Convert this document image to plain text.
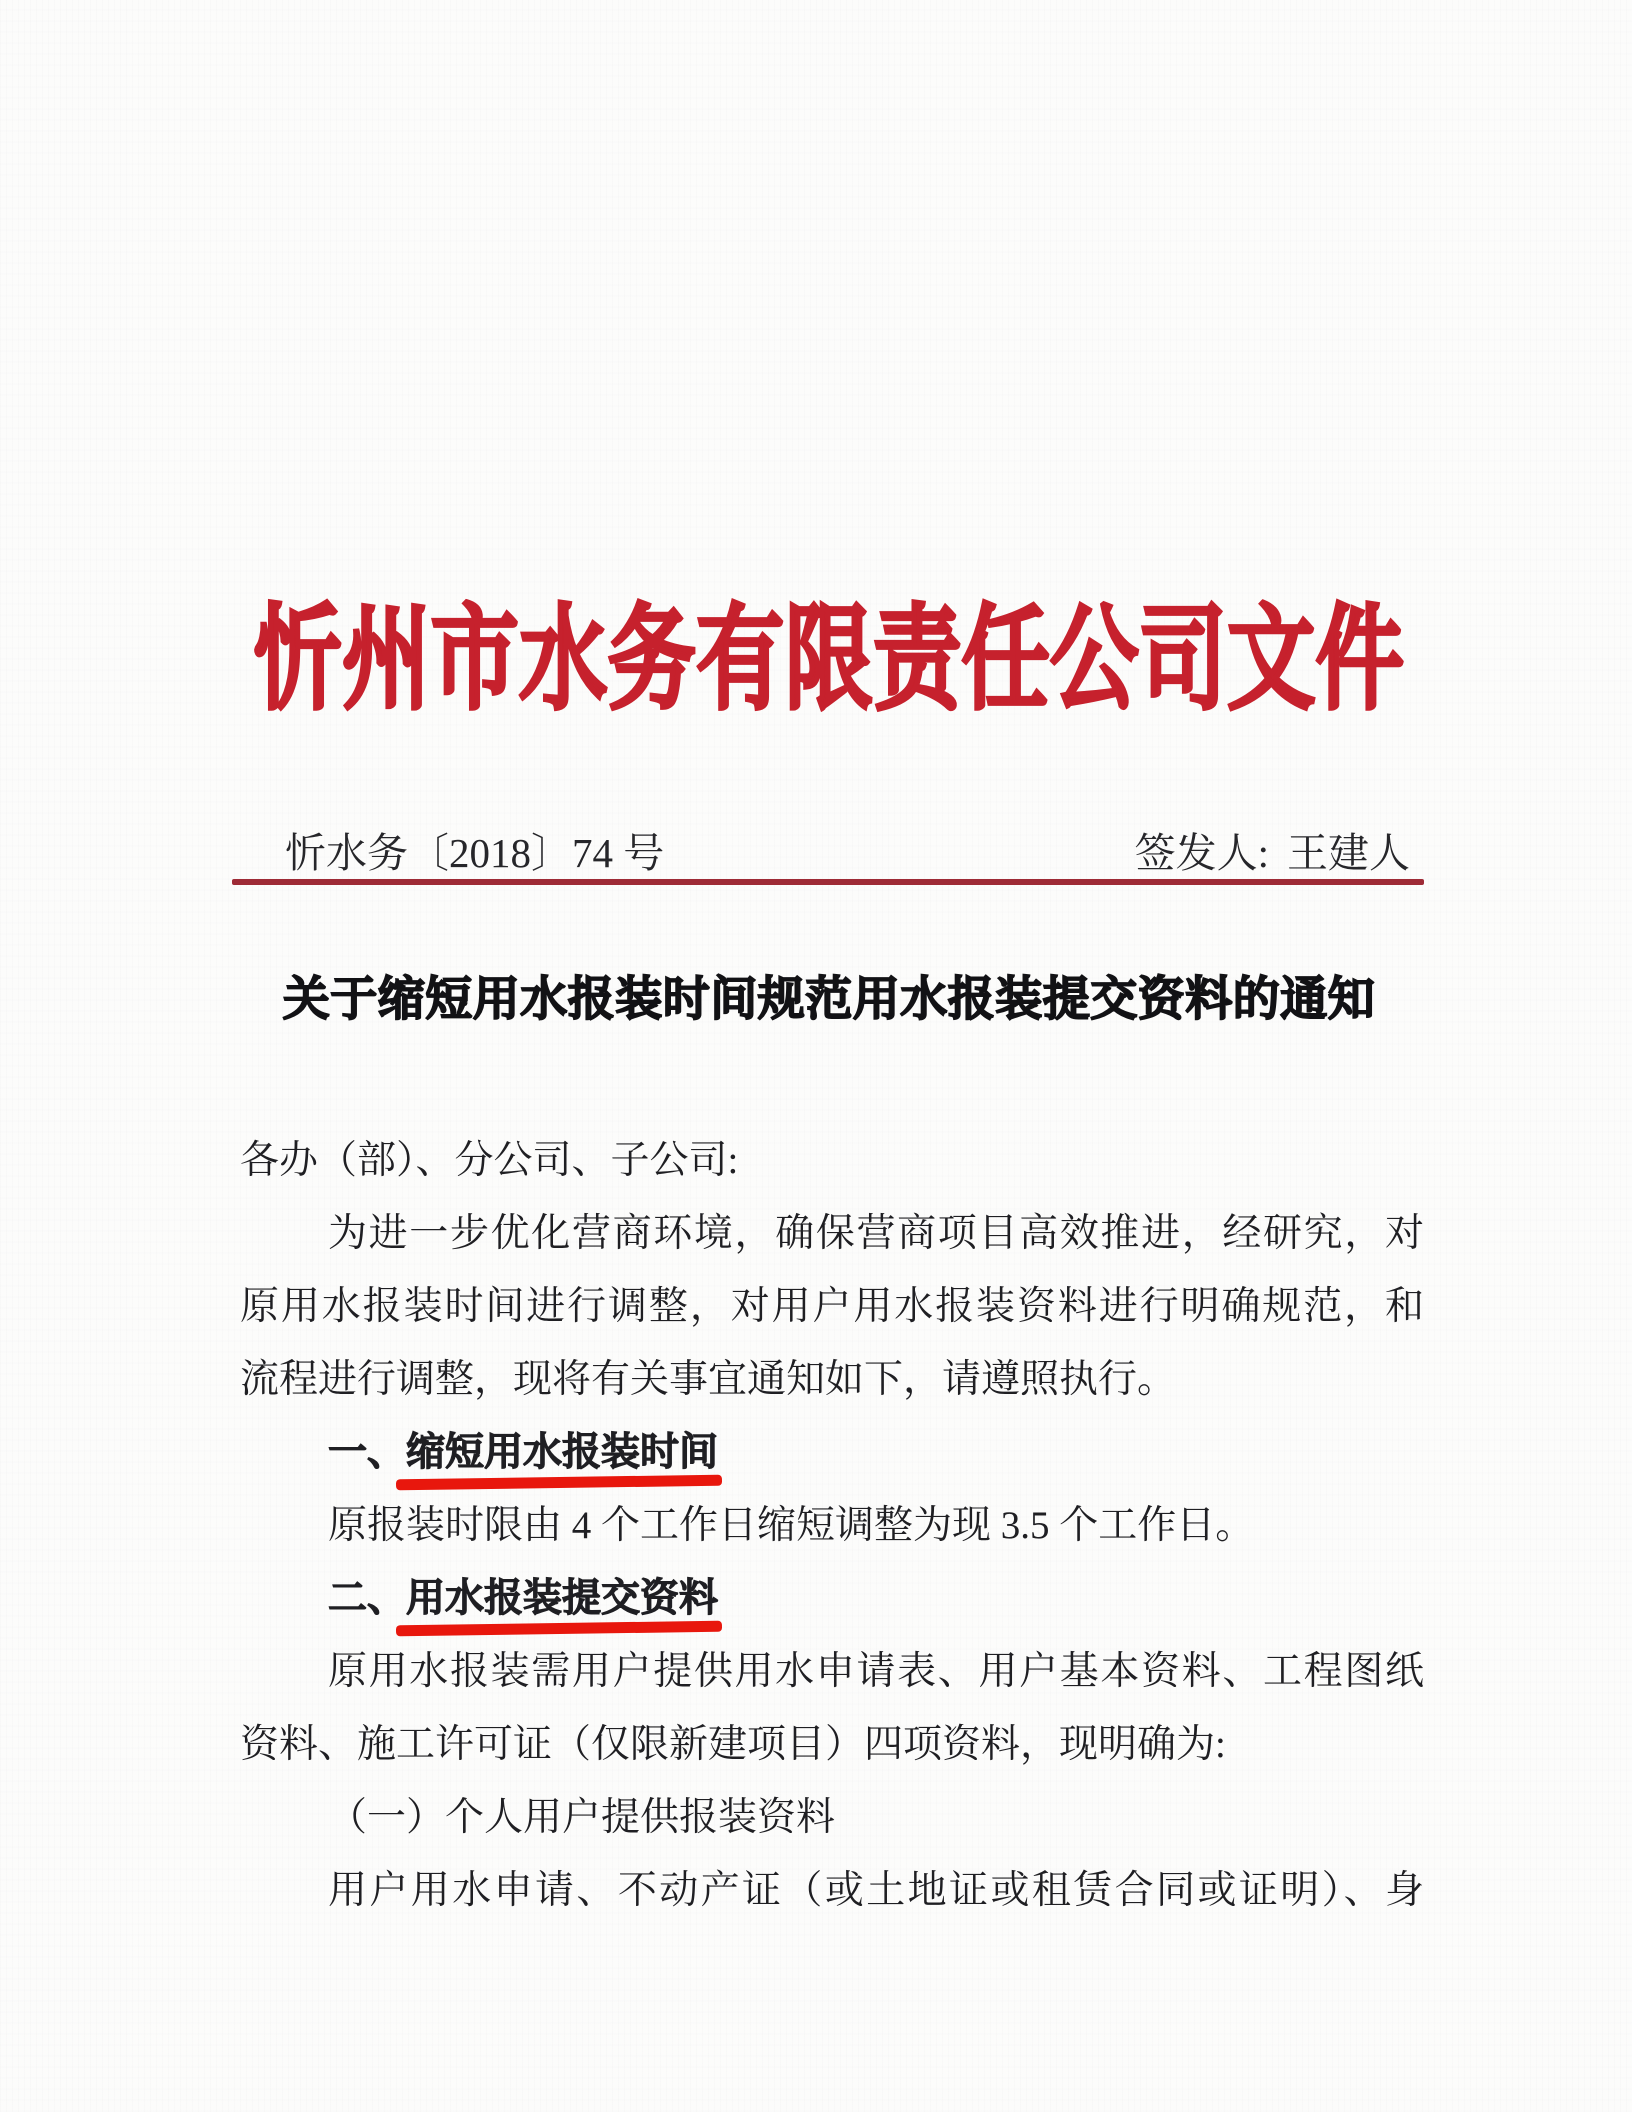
忻州市水务有限责任公司文件
忻水务〔2018〕74 号	签发人: 王建人
关于缩短用水报装时间规范用水报装提交资料的通知
各办（部）、分公司、子公司:
为进一步优化营商环境，确保营商项目高效推进，经研究，对
原用水报装时间进行调整，对用户用水报装资料进行明确规范，和
流程进行调整，现将有关事宜通知如下，请遵照执行。
一、缩短用水报装时间
原报装时限由 4 个工作日缩短调整为现 3.5 个工作日。
二、用水报装提交资料
原用水报装需用户提供用水申请表、用户基本资料、工程图纸
资料、施工许可证（仅限新建项目）四项资料，现明确为:
（一）个人用户提供报装资料
用户用水申请、不动产证（或土地证或租赁合同或证明）、身
